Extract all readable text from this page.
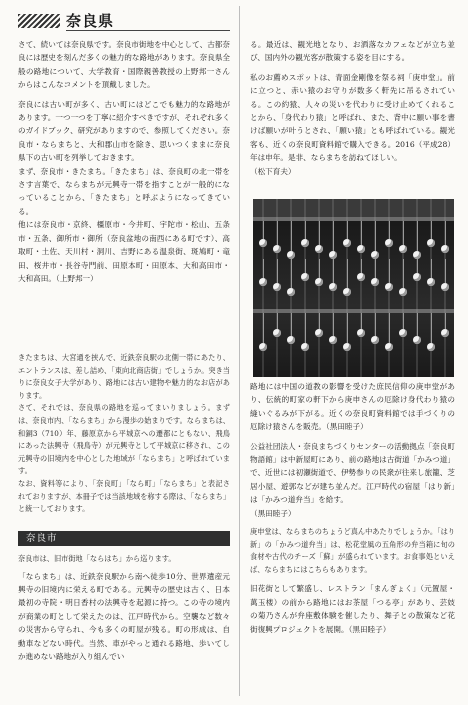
奈良県

さて、続いては奈良県です。奈良市街地を中心として、古都奈良には歴史を刻んだ多くの魅力的な路地があります。奈良県全般の路地について、大学教育・国際親善教授の上野邦一さんからはこんなコメントを頂戴しました。

奈良には古い町が多く、古い町にはどこでも魅力的な路地があります。一つ一つを丁寧に紹介すべきですが、それぞれ多くのガイドブック、研究がありますので、参照してください。奈良市・ならまちと、大和郡山市を除き、思いつくままに奈良県下の古い町を列挙しておきます。

まず、奈良市・きたまち。「きたまち」は、奈良町の北一帯をさす言葉で、ならまちが元興寺一帯を指すことが一般的になっていることから、「きたまち」と呼ぶようになってきている。

他には奈良市・京終、橿原市・今井町、宇陀市・松山、五条市・五条、御所市・御所（奈良盆地の南西にある町です）、高取町・土佐、天川村・洞川、吉野にある温泉街、斑鳩町・竜田、桜井市・長谷寺門前、田原本町・田原本、大和高田市・大和高田。（上野邦一）

きたまちは、大宮通を挟んで、近鉄奈良駅の北側一帯にあたり、エントランスは、差し詰め、「東向北商店街」でしょうか。突き当りに奈良女子大学があり、路地には古い建物や魅力的なお店があります。

さて、それでは、奈良県の路地を巡ってまいりましょう。まずは、奈良市内、「ならまち」から漫歩の始まりです。ならまちは、和銅3（710）年、藤原京から平城京への遷都にともない、飛鳥にあった法興寺（飛鳥寺）が元興寺として平城京に移され、この元興寺の旧境内を中心とした地域が「ならまち」と呼ばれています。

なお、資料等により、「奈良町」「なら町」「ならまち」と表記されておりますが、本冊子では当該地域を称する際は、「ならまち」と統一しております。

奈良市

奈良市は、旧市街地「ならはち」から巡ります。

「ならまち」は、近鉄奈良駅から南へ徒歩10分、世界遺産元興寺の旧境内に栄える町である。元興寺の歴史は古く、日本最初の寺院・明日香村の法興寺を起源に持つ。この寺の境内が商業の町として栄えたのは、江戸時代から。空襲など数々の災害から守られ、今も多くの町屋が残る。町の形成は、自動車などない時代。当然、車がやっと通れる路地、歩いてしか進めない路地が入り組んでい

る。最近は、観光地となり、お洒落なカフェなどが立ち並び、国内外の観光客が散策する姿を目にする。

私のお薦めスポットは、青面金剛像を祭る祠「庚申堂」。前に立つと、赤い猿のお守りが数多く軒先に吊るされている。この約猿、人々の災いを代わりに受け止めてくれることから、「身代わり猿」と呼ばれ、また、背中に願い事を書けば願いが叶うとされ、「願い猿」とも呼ばれている。観光客も、近くの奈良町資料館で購入できる。2016（平成28）年は申年。是非、ならまちを訪ねてほしい。

（松下育夫）

路地には中国の道教の影響を受けた庶民信仰の庚申堂があり、伝統的町家の軒下から庚申さんの厄除け身代わり猿の縫いぐるみが下がる。近くの奈良町資料館では手づくりの厄除け猿さんを販売。（黒田睦子）

公益社団法人・奈良まちづくりセンターの活動拠点「奈良町物語館」は中新屋町にあり、前の路地は古街道「かみつ道」で、近世には初瀬街道で、伊勢参りの民衆が往来し旅籠、芝居小屋、遊郭などが建ち並んだ。江戸時代の宿屋「はり新」は「かみつ道弁当」を給す。

（黒田睦子）

庚申堂は、ならまちのちょうど真ん中あたりでしょうか。「はり新」の「かみつ道弁当」は、松花堂風の五角形の弁当箱に旬の食材や古代のチーズ「蘇」が盛られています。お食事処といえば、ならまちにはこちらもあります。

旧花街として繁盛し、レストラン「まんぎょく」（元置屋・萬玉楼）の前から路地にはお茶屋「つる亭」があり、芸妓の菊乃さんが弁座敷体験を催したり、舞子との散策など花街復興プロジェクトを展開。（黒田睦子）
